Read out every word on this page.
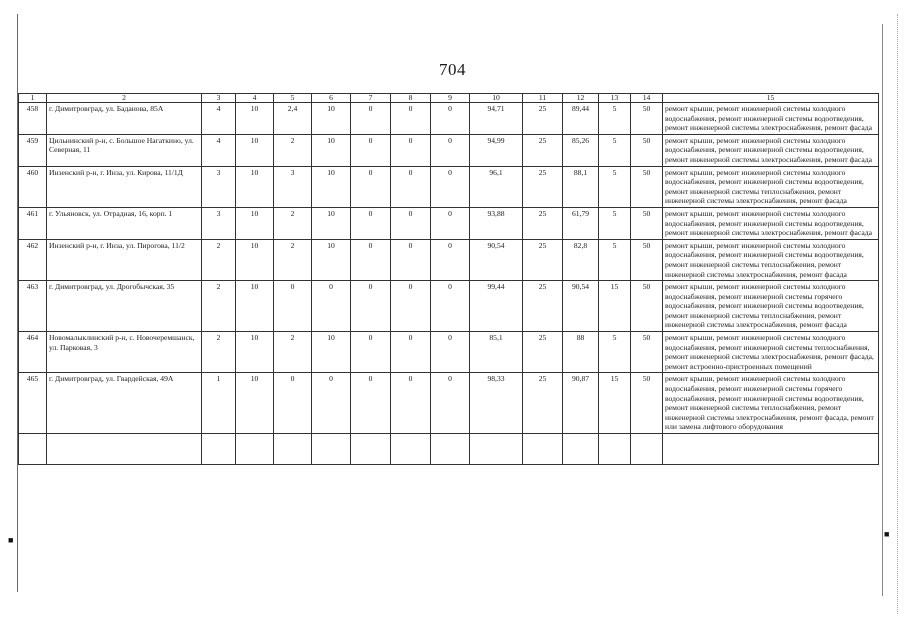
■
■
704
1	2	3	4	5	6	7	8	9	10	11	12	13	14	15
458	г. Димитровград, ул. Баданова, 85А	4	10	2,4	10	0	0	0	94,71	25	89,44	5	50	ремонт крыши, ремонт инженерной системы холодного водоснабжения, ремонт инженерной системы водоотведения, ремонт инженерной системы электроснабжения, ремонт фасада
459	Цильнинский р-н, с. Большое Нагаткино, ул. Северная, 11	4	10	2	10	0	0	0	94,99	25	85,26	5	50	ремонт крыши, ремонт инженерной системы холодного водоснабжения, ремонт инженерной системы водоотведения, ремонт инженерной системы электроснабжения, ремонт фасада
460	Инзенский р-н, г. Инза, ул. Кирова, 11/1Д	3	10	3	10	0	0	0	96,1	25	88,1	5	50	ремонт крыши, ремонт инженерной системы холодного водоснабжения, ремонт инженерной системы водоотведения, ремонт инженерной системы теплоснабжения, ремонт инженерной системы электроснабжения, ремонт фасада
461	г. Ульяновск, ул. Отрадная, 16, корп. 1	3	10	2	10	0	0	0	93,88	25	61,79	5	50	ремонт крыши, ремонт инженерной системы холодного водоснабжения, ремонт инженерной системы водоотведения, ремонт инженерной системы электроснабжения, ремонт фасада
462	Инзенский р-н, г. Инза, ул. Пирогова, 11/2	2	10	2	10	0	0	0	90,54	25	82,8	5	50	ремонт крыши, ремонт инженерной системы холодного водоснабжения, ремонт инженерной системы водоотведения, ремонт инженерной системы теплоснабжения, ремонт инженерной системы электроснабжения, ремонт фасада
463	г. Димитровград, ул. Дрогобычская, 35	2	10	0	0	0	0	0	99,44	25	90,54	15	50	ремонт крыши, ремонт инженерной системы холодного водоснабжения, ремонт инженерной системы горячего водоснабжения, ремонт инженерной системы водоотведения, ремонт инженерной системы теплоснабжения, ремонт инженерной системы электроснабжения, ремонт фасада
464	Новомалыклинский р-н, с. Новочеремшанск, ул. Парковая, 3	2	10	2	10	0	0	0	85,1	25	88	5	50	ремонт крыши, ремонт инженерной системы холодного водоснабжения, ремонт инженерной системы теплоснабжения, ремонт инженерной системы электроснабжения, ремонт фасада, ремонт встроенно-пристроенных помещений
465	г. Димитровград, ул. Гвардейская, 49А	1	10	0	0	0	0	0	98,33	25	90,87	15	50	ремонт крыши, ремонт инженерной системы холодного водоснабжения, ремонт инженерной системы горячего водоснабжения, ремонт инженерной системы водоотведения, ремонт инженерной системы теплоснабжения, ремонт инженерной системы электроснабжения, ремонт фасада, ремонт или замена лифтового оборудования
